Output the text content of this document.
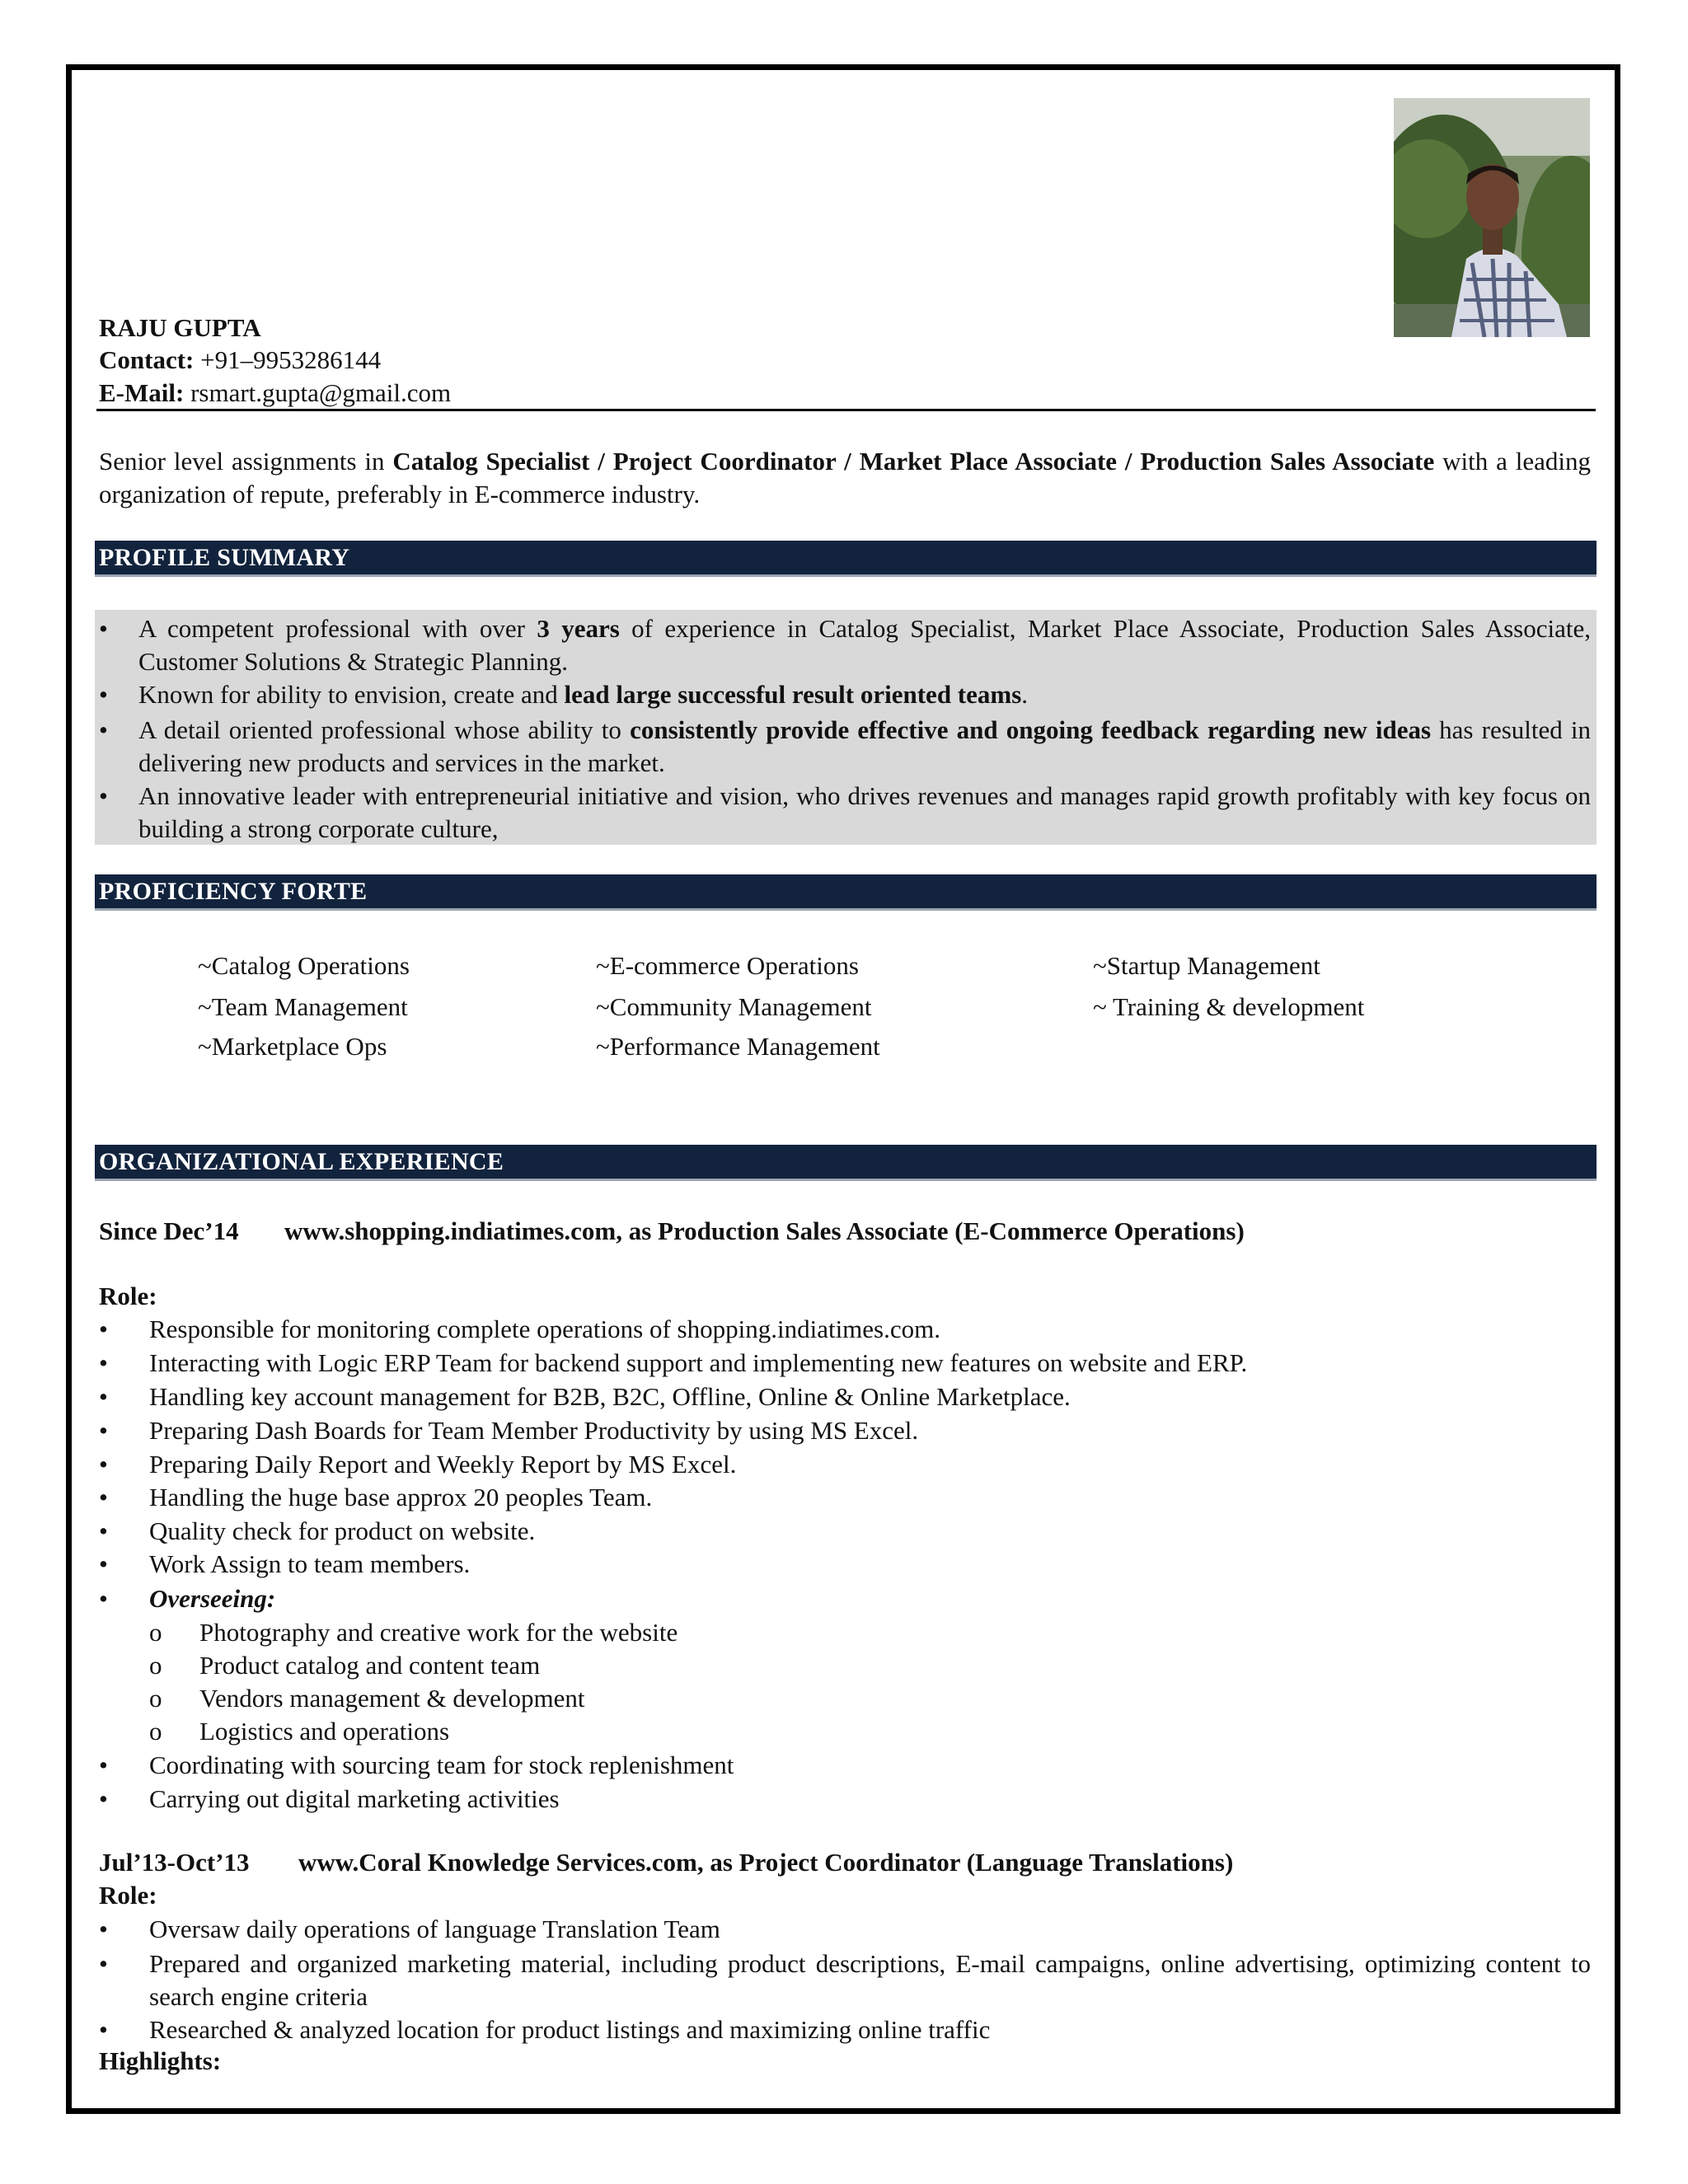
RAJU GUPTA
Contact: +91–9953286144
E-Mail: rsmart.gupta@gmail.com
Senior level assignments in Catalog Specialist / Project Coordinator / Market Place Associate / Production Sales Associate with a leading organization of repute, preferably in E-commerce industry.
PROFILE SUMMARY
• A competent professional with over 3 years of experience in Catalog Specialist, Market Place Associate, Production Sales Associate, Customer Solutions & Strategic Planning.
• Known for ability to envision, create and lead large successful result oriented teams.
• A detail oriented professional whose ability to consistently provide effective and ongoing feedback regarding new ideas has resulted in delivering new products and services in the market.
• An innovative leader with entrepreneurial initiative and vision, who drives revenues and manages rapid growth profitably with key focus on building a strong corporate culture,
PROFICIENCY FORTE
~Catalog Operations
~Team Management
~Marketplace Ops
~E-commerce Operations
~Community Management
~Performance Management
~Startup Management
~ Training & development
ORGANIZATIONAL EXPERIENCE
Since Dec’14 www.shopping.indiatimes.com, as Production Sales Associate (E-Commerce Operations)
Role:
• Responsible for monitoring complete operations of shopping.indiatimes.com.
• Interacting with Logic ERP Team for backend support and implementing new features on website and ERP.
• Handling key account management for B2B, B2C, Offline, Online & Online Marketplace.
• Preparing Dash Boards for Team Member Productivity by using MS Excel.
• Preparing Daily Report and Weekly Report by MS Excel.
• Handling the huge base approx 20 peoples Team.
• Quality check for product on website.
• Work Assign to team members.
• Overseeing:
o Photography and creative work for the website
o Product catalog and content team
o Vendors management & development
o Logistics and operations
• Coordinating with sourcing team for stock replenishment
• Carrying out digital marketing activities
Jul’13-Oct’13 www.Coral Knowledge Services.com, as Project Coordinator (Language Translations)
Role:
• Oversaw daily operations of language Translation Team
• Prepared and organized marketing material, including product descriptions, E-mail campaigns, online advertising, optimizing content to search engine criteria
• Researched & analyzed location for product listings and maximizing online traffic
Highlights:
